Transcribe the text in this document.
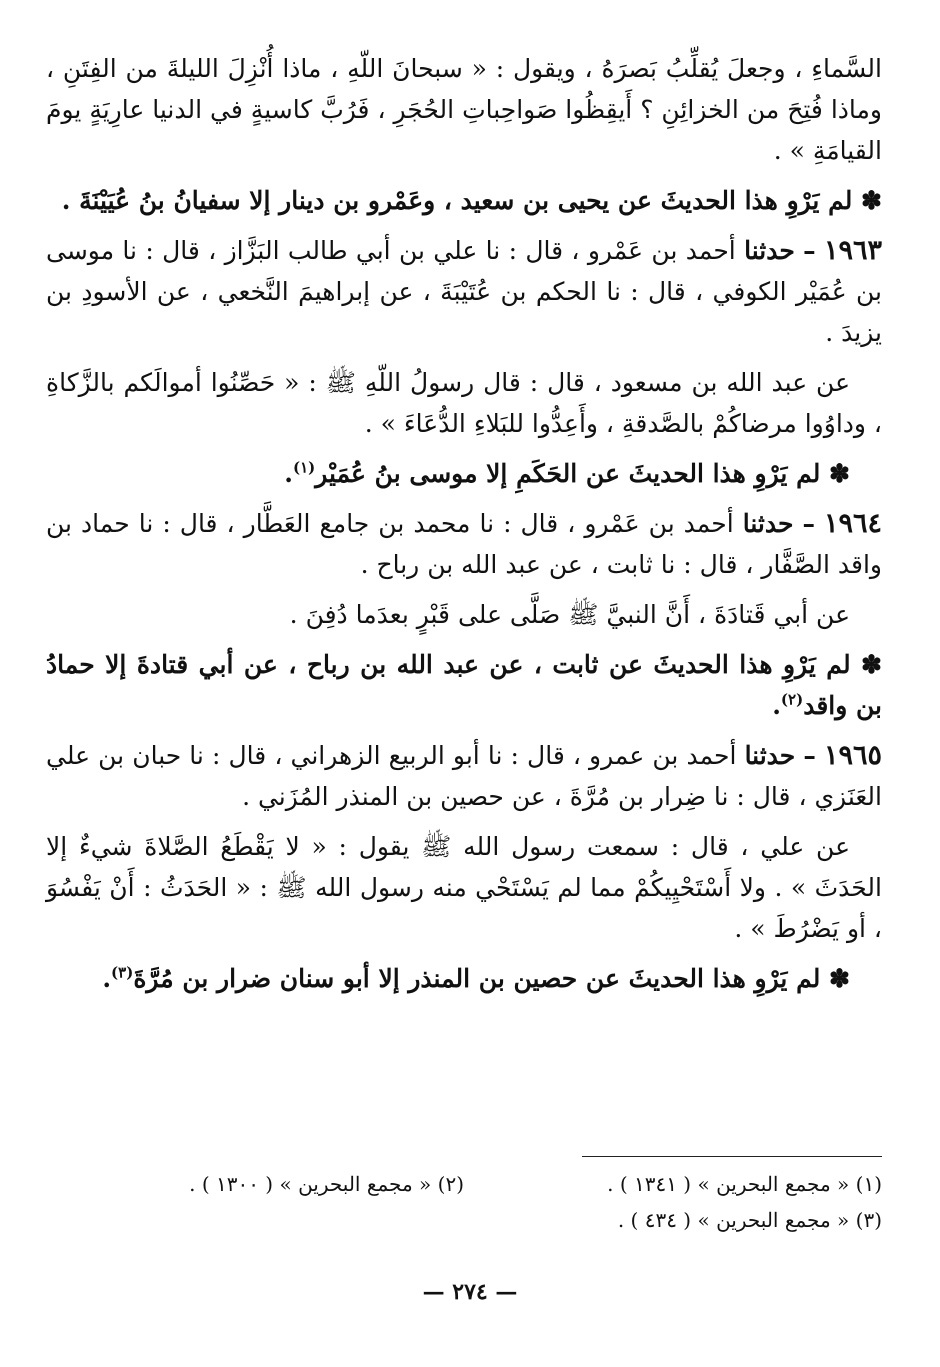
السَّماءِ ، وجعلَ يُقلِّبُ بَصرَهُ ، ويقول : « سبحانَ اللّهِ ، ماذا أُنْزِلَ الليلةَ من الفِتَنِ ، وماذا فُتِحَ من الخزائِنِ ؟ أَيقِظُوا صَواحِباتِ الحُجَرِ ، فَرُبَّ كاسيةٍ في الدنيا عارِيَةٍ يومَ القيامَةِ » .

✽ لم يَرْوِ هذا الحديثَ عن يحيى بن سعيد ، وعَمْرو بن دينار إلا سفيانُ بنُ عُيَيْنَةَ .

١٩٦٣ – حدثنا أحمد بن عَمْرو ، قال : نا علي بن أبي طالب البَزَّاز ، قال : نا موسى بن عُمَيْر الكوفي ، قال : نا الحكم بن عُتَيْبَةَ ، عن إبراهيمَ النَّخعي ، عن الأسودِ بن يزيدَ .

عن عبد الله بن مسعود ، قال : قال رسولُ اللّهِ ﷺ : « حَصِّنُوا أموالَكم بالزَّكاةِ ، وداوُوا مرضاكُمْ بالصَّدقةِ ، وأَعِدُّوا للبَلاءِ الدُّعَاءَ » .

✽ لم يَرْوِ هذا الحديثَ عن الحَكَمِ إلا موسى بنُ عُمَيْر$^{(١)}$.

١٩٦٤ – حدثنا أحمد بن عَمْرو ، قال : نا محمد بن جامع العَطَّار ، قال : نا حماد بن واقد الصَّفَّار ، قال : نا ثابت ، عن عبد الله بن رباح .

عن أبي قَتادَةَ ، أَنَّ النبيَّ ﷺ صَلَّى على قَبْرٍ بعدَما دُفِنَ .

✽ لم يَرْوِ هذا الحديثَ عن ثابت ، عن عبد الله بن رباح ، عن أبي قتادةَ إلا حمادُ بن واقد$^{(٢)}$.

١٩٦٥ – حدثنا أحمد بن عمرو ، قال : نا أبو الربيع الزهراني ، قال : نا حبان بن علي العَنَزي ، قال : نا ضِرار بن مُرَّةَ ، عن حصين بن المنذر المُزَني .

عن علي ، قال : سمعت رسول الله ﷺ يقول : « لا يَقْطَعُ الصَّلاةَ شيءٌ إلا الحَدَثَ » . ولا أَسْتَحْيِيكُمْ مما لم يَسْتَحْي منه رسول الله ﷺ : « الحَدَثُ : أَنْ يَفْسُوَ ، أو يَضْرُطَ » .

✽ لم يَرْوِ هذا الحديثَ عن حصين بن المنذر إلا أبو سنان ضرار بن مُرَّةَ$^{(٣)}$.

(١) « مجمع البحرين » ( ١٣٤١ ) .
(٢) « مجمع البحرين » ( ١٣٠٠ ) .
(٣) « مجمع البحرين » ( ٤٣٤ ) .
— ٢٧٤ —
